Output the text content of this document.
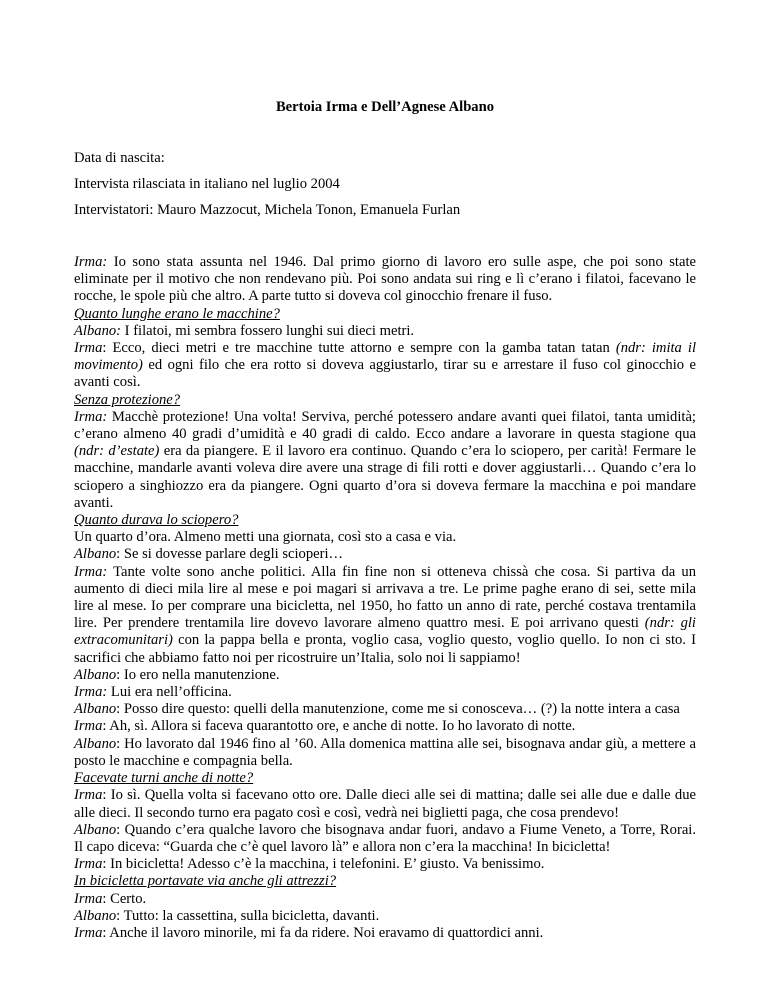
Bertoia Irma e Dell’Agnese Albano
Data di nascita:
Intervista rilasciata in italiano nel luglio 2004
Intervistatori: Mauro Mazzocut, Michela Tonon, Emanuela Furlan

Irma: Io sono stata assunta nel 1946. Dal primo giorno di lavoro ero sulle aspe, che poi sono state eliminate per il motivo che non rendevano più. Poi sono andata sui ring e lì c’erano i filatoi, facevano le rocche, le spole più che altro. A parte tutto si doveva col ginocchio frenare il fuso.

Quanto lunghe erano le macchine?

Albano: I filatoi, mi sembra fossero lunghi sui dieci metri.

Irma: Ecco, dieci metri e tre macchine tutte attorno e sempre con la gamba tatan tatan (ndr: imita il movimento) ed ogni filo che era rotto si doveva aggiustarlo, tirar su e arrestare il fuso col ginocchio e avanti così.

Senza protezione?

Irma: Macchè protezione! Una volta! Serviva, perché potessero andare avanti quei filatoi, tanta umidità; c’erano almeno 40 gradi d’umidità e 40 gradi di caldo. Ecco andare a lavorare in questa stagione qua (ndr: d’estate) era da piangere. E il lavoro era continuo. Quando c’era lo sciopero, per carità! Fermare le macchine, mandarle avanti voleva dire avere una strage di fili rotti e dover aggiustarli… Quando c’era lo sciopero a singhiozzo era da piangere. Ogni quarto d’ora si doveva fermare la macchina e poi mandare avanti.

Quanto durava lo sciopero?

Un quarto d’ora. Almeno metti una giornata, così sto a casa e via.

Albano: Se si dovesse parlare degli scioperi…

Irma: Tante volte sono anche politici. Alla fin fine non si otteneva chissà che cosa. Si partiva da un aumento di dieci mila lire al mese e poi magari si arrivava a tre. Le prime paghe erano di sei, sette mila lire al mese. Io per comprare una bicicletta, nel 1950, ho fatto un anno di rate, perché costava trentamila lire. Per prendere trentamila lire dovevo lavorare almeno quattro mesi. E poi arrivano questi (ndr: gli extracomunitari) con la pappa bella e pronta, voglio casa, voglio questo, voglio quello. Io non ci sto. I sacrifici che abbiamo fatto noi per ricostruire un’Italia, solo noi li sappiamo!

Albano: Io ero nella manutenzione.

Irma: Lui era nell’officina.

Albano: Posso dire questo: quelli della manutenzione, come me si conosceva… (?) la notte intera a casa

Irma: Ah, sì. Allora si faceva quarantotto ore, e anche di notte. Io ho lavorato di notte.

Albano: Ho lavorato dal 1946 fino al ’60. Alla domenica mattina alle sei, bisognava andar giù, a mettere a posto le macchine e compagnia bella.

Facevate turni anche di notte?

Irma: Io sì. Quella volta si facevano otto ore. Dalle dieci alle sei di mattina; dalle sei alle due e dalle due alle dieci. Il secondo turno era pagato così e così, vedrà nei biglietti paga, che cosa prendevo!

Albano: Quando c’era qualche lavoro che bisognava andar fuori, andavo a Fiume Veneto, a Torre, Rorai. Il capo diceva: “Guarda che c’è quel lavoro là” e allora non c’era la macchina! In bicicletta!

Irma: In bicicletta! Adesso c’è la macchina, i telefonini. E’ giusto. Va benissimo.

In bicicletta portavate via anche gli attrezzi?

Irma: Certo.

Albano: Tutto: la cassettina, sulla bicicletta, davanti.

Irma: Anche il lavoro minorile, mi fa da ridere. Noi eravamo di quattordici anni.
